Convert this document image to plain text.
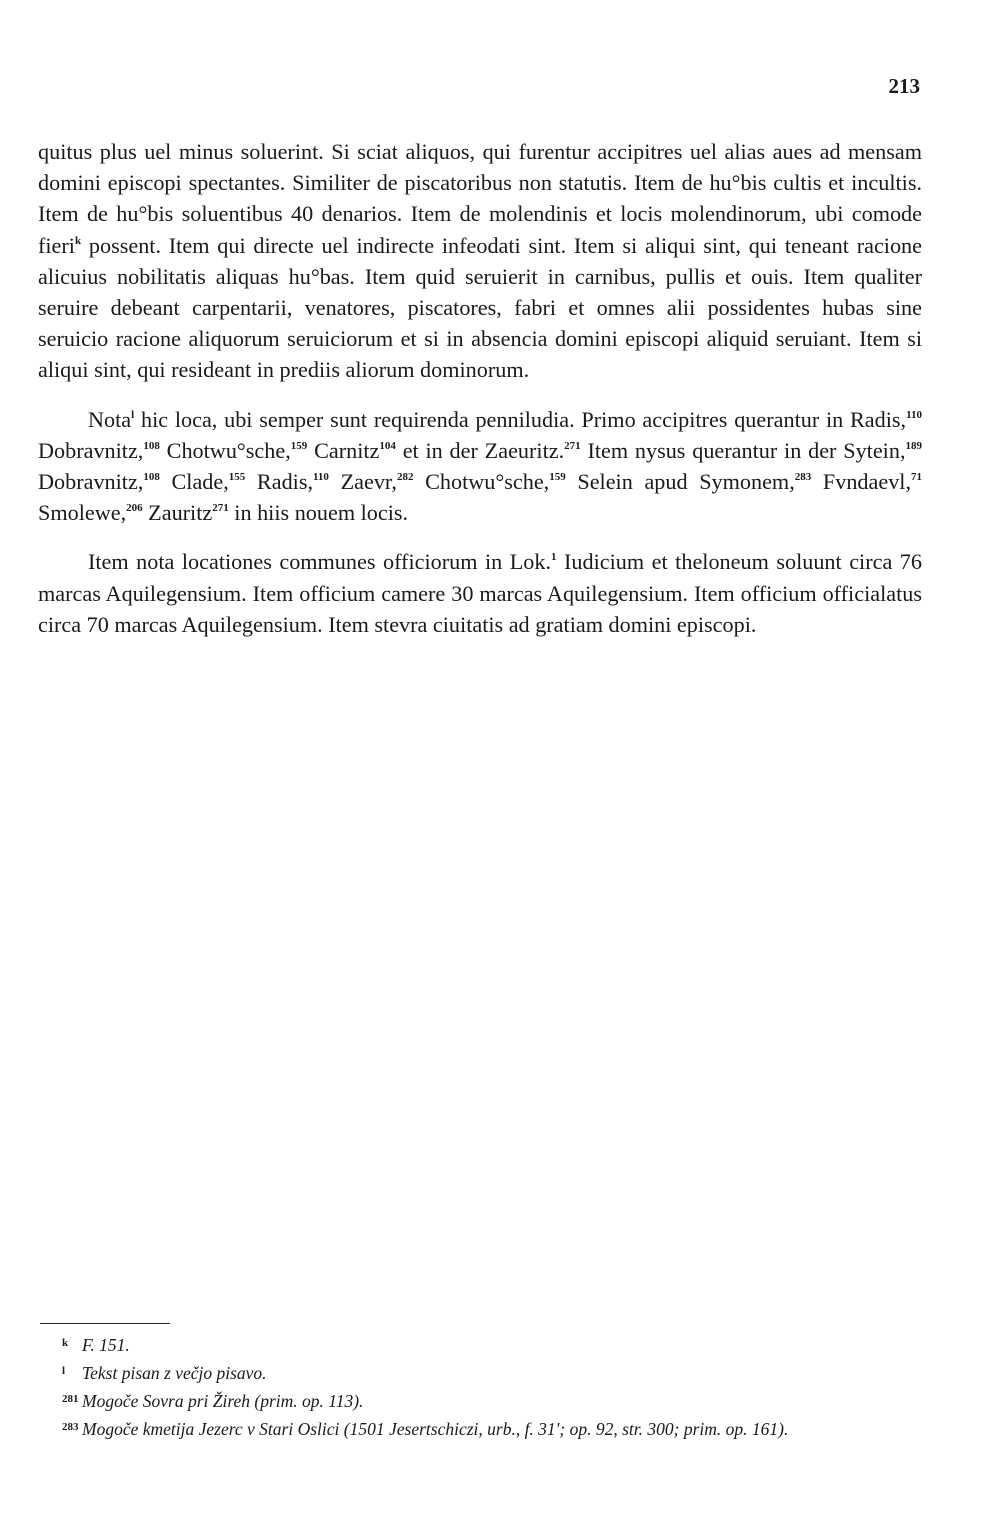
213

quitus plus uel minus soluerint. Si sciat aliquos, qui furentur accipitres uel alias aues ad mensam domini episcopi spectantes. Similiter de piscatoribus non statutis. Item de hu°bis cultis et incultis. Item de hu°bis soluentibus 40 denarios. Item de molendinis et locis molendinorum, ubi comode fieri$^k$ possent. Item qui directe uel indirecte infeodati sint. Item si aliqui sint, qui teneant racione alicuius nobilitatis aliquas hu°bas. Item quid seruierit in carnibus, pullis et ouis. Item qualiter seruire debeant carpentarii, venatores, piscatores, fabri et omnes alii possidentes hubas sine seruicio racione aliquorum seruiciorum et si in absencia domini episcopi aliquid seruiant. Item si aliqui sint, qui resideant in prediis aliorum dominorum.

Nota$^l$ hic loca, ubi semper sunt requirenda penniludia. Primo accipitres querantur in Radis,$^{110}$ Dobravnitz,$^{108}$ Chotwu°sche,$^{159}$ Carnitz$^{104}$ et in der Zaeuritz.$^{271}$ Item nysus querantur in der Sytein,$^{189}$ Dobravnitz,$^{108}$ Clade,$^{155}$ Radis,$^{110}$ Zaevr,$^{282}$ Chotwu°sche,$^{159}$ Selein apud Symonem,$^{283}$ Fvndaevl,$^{71}$ Smolewe,$^{206}$ Zauritz$^{271}$ in hiis nouem locis.

Item nota locationes communes officiorum in Lok.$^1$ Iudicium et theloneum soluunt circa 76 marcas Aquilegensium. Item officium camere 30 marcas Aquilegensium. Item officium officialatus circa 70 marcas Aquilegensium. Item stevra ciuitatis ad gratiam domini episcopi.

k F. 151.

l Tekst pisan z večjo pisavo.

281 Mogoče Sovra pri Žireh (prim. op. 113).

283 Mogoče kmetija Jezerc v Stari Oslici (1501 Jesertschiczi, urb., f. 31'; op. 92, str. 300; prim. op. 161).
